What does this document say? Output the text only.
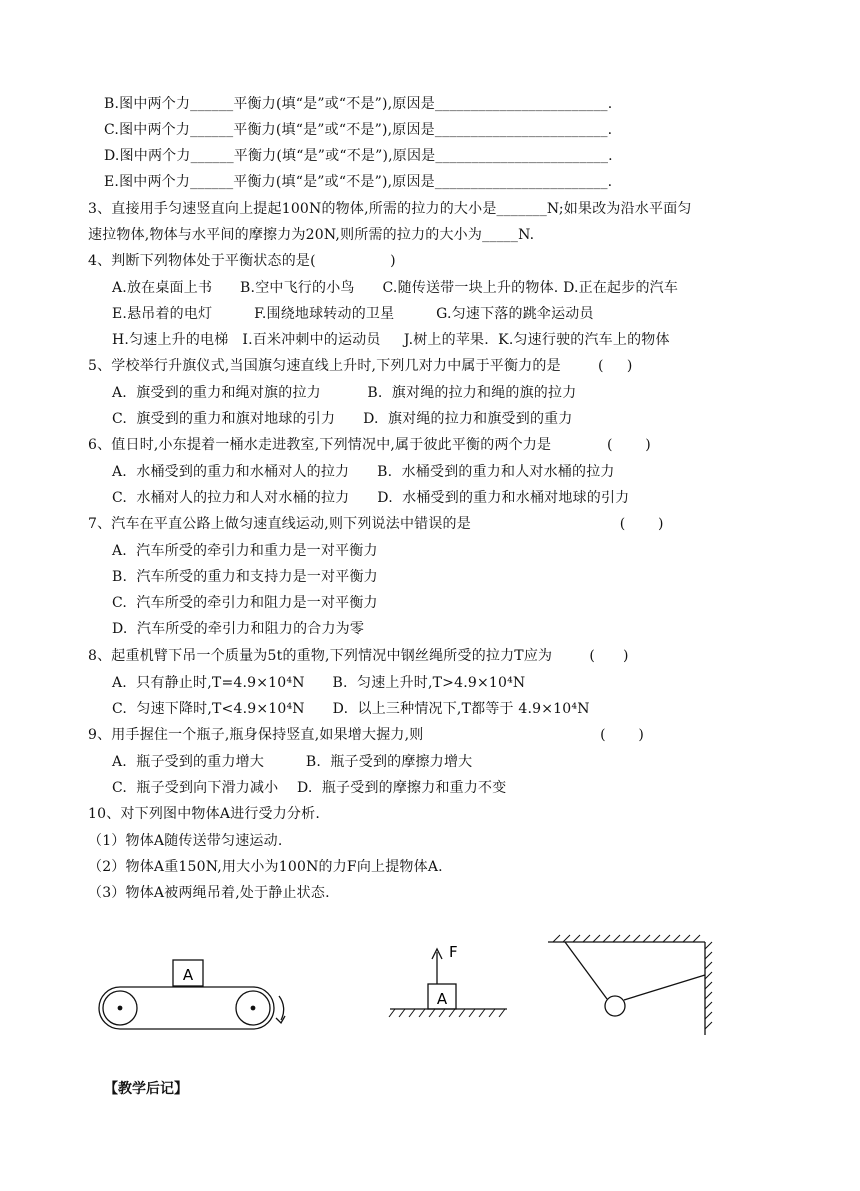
B.图中两个力______平衡力(填“是”或“不是”),原因是________________________.
C.图中两个力______平衡力(填“是”或“不是”),原因是________________________.
D.图中两个力______平衡力(填“是”或“不是”),原因是________________________.
E.图中两个力______平衡力(填“是”或“不是”),原因是________________________.
3、直接用手匀速竖直向上提起100N的物体,所需的拉力的大小是_______N;如果改为沿水平面匀
速拉物体,物体与水平间的摩擦力为20N,则所需的拉力的大小为_____N.
4、判断下列物体处于平衡状态的是(                )
A.放在桌面上书      B.空中飞行的小鸟      C.随传送带一块上升的物体. D.正在起步的汽车
E.悬吊着的电灯         F.围绕地球转动的卫星         G.匀速下落的跳伞运动员
H.匀速上升的电梯   I.百米冲刺中的运动员     J.树上的苹果.  K.匀速行驶的汽车上的物体
5、学校举行升旗仪式,当国旗匀速直线上升时,下列几对力中属于平衡力的是        (     )
A.  旗受到的重力和绳对旗的拉力          B.  旗对绳的拉力和绳的旗的拉力
C.  旗受到的重力和旗对地球的引力      D.  旗对绳的拉力和旗受到的重力
6、值日时,小东提着一桶水走进教室,下列情况中,属于彼此平衡的两个力是            (       )
A.  水桶受到的重力和水桶对人的拉力      B.  水桶受到的重力和人对水桶的拉力
C.  水桶对人的拉力和人对水桶的拉力      D.  水桶受到的重力和水桶对地球的引力
7、汽车在平直公路上做匀速直线运动,则下列说法中错误的是                                (       )
A.  汽车所受的牵引力和重力是一对平衡力
B.  汽车所受的重力和支持力是一对平衡力
C.  汽车所受的牵引力和阻力是一对平衡力
D.  汽车所受的牵引力和阻力的合力为零
8、起重机臂下吊一个质量为5t的重物,下列情况中钢丝绳所受的拉力T应为        (      )
A.  只有静止时,T=4.9×10⁴N      B.  匀速上升时,T>4.9×10⁴N
C.  匀速下降时,T<4.9×10⁴N      D.  以上三种情况下,T都等于 4.9×10⁴N
9、用手握住一个瓶子,瓶身保持竖直,如果增大握力,则                                      (       )
A.  瓶子受到的重力增大         B.  瓶子受到的摩擦力增大
C.  瓶子受到向下滑力减小    D.  瓶子受到的摩擦力和重力不变
10、对下列图中物体A进行受力分析.
（1）物体A随传送带匀速运动.
（2）物体A重150N,用大小为100N的力F向上提物体A.
（3）物体A被两绳吊着,处于静止状态.
A
A
F
【教学后记】
